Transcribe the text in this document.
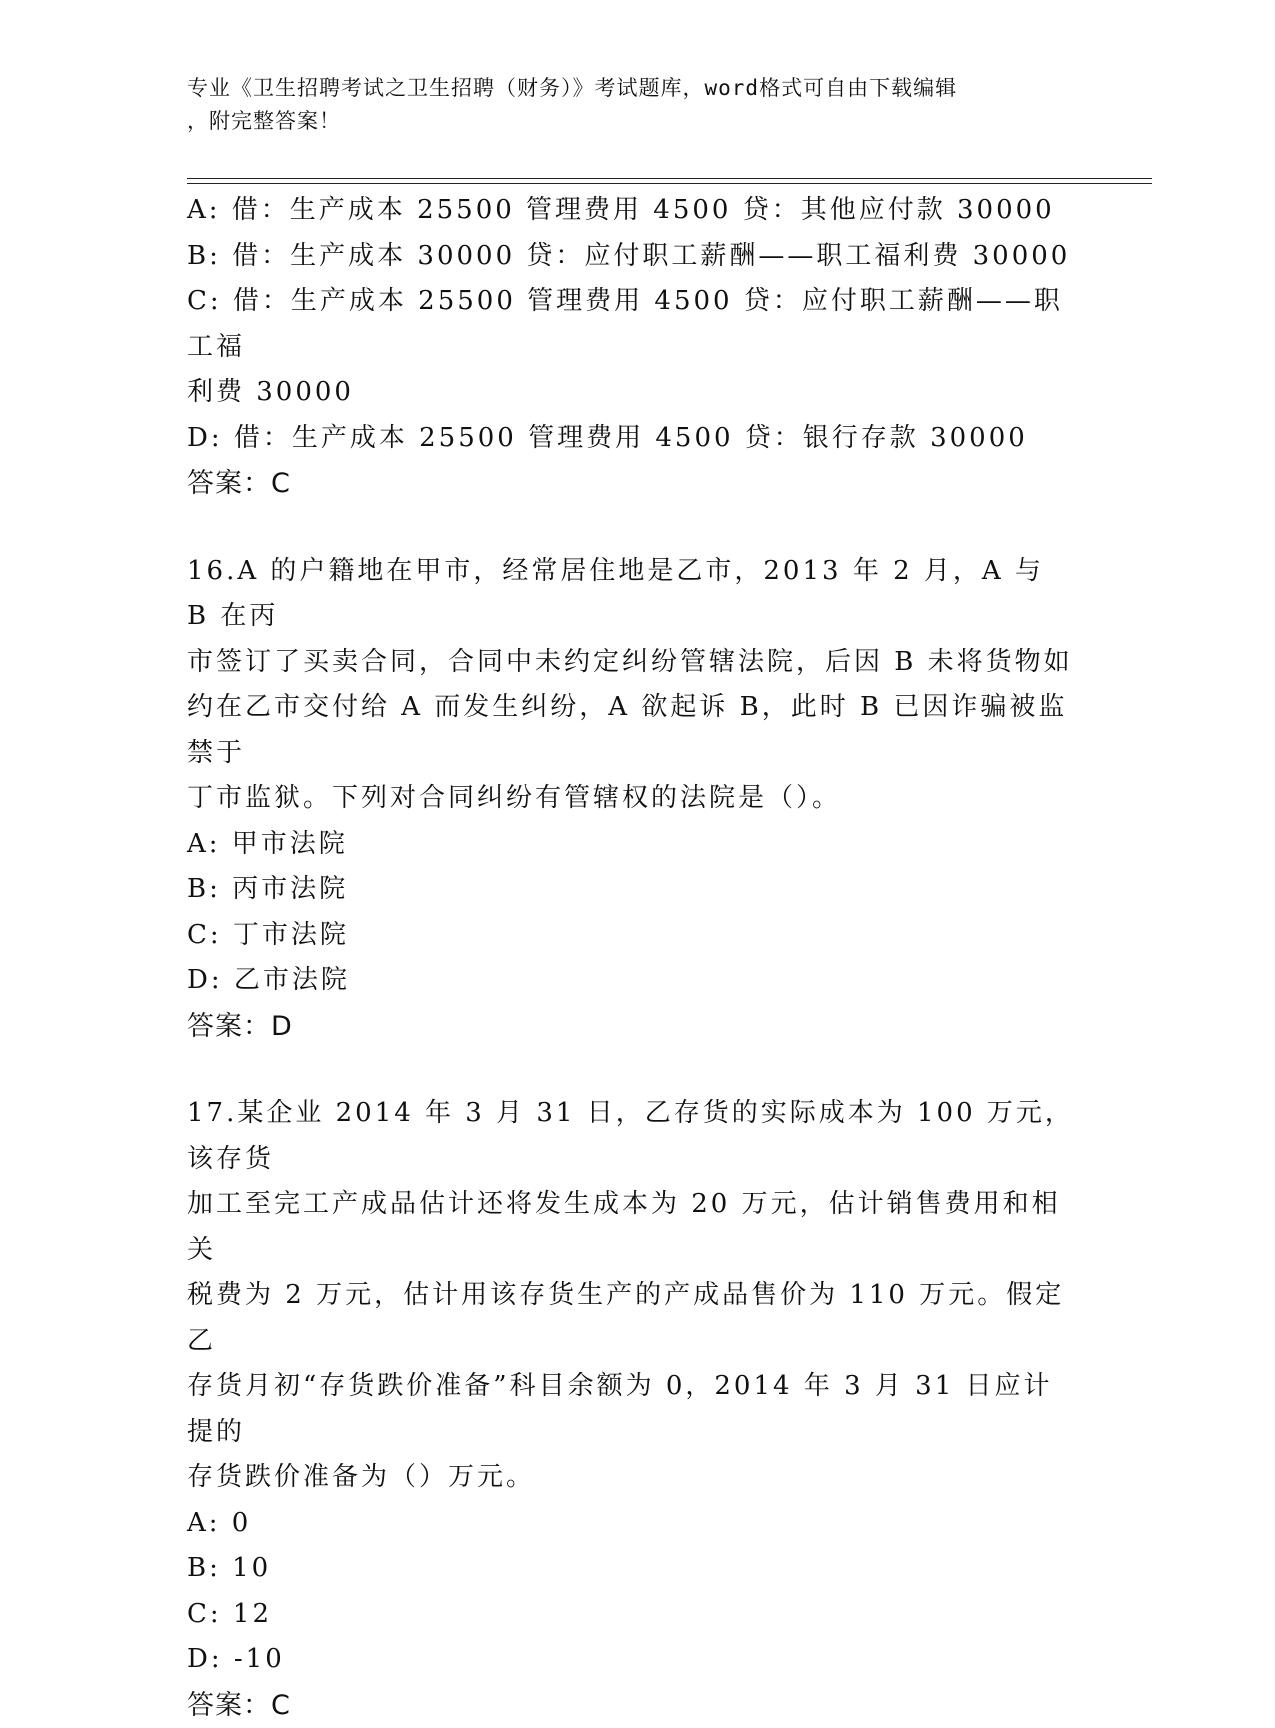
专业《卫生招聘考试之卫生招聘（财务）》考试题库，word格式可自由下载编辑
，附完整答案！
A: 借：生产成本 25500 管理费用 4500 贷：其他应付款 30000
B: 借：生产成本 30000 贷：应付职工薪酬——职工福利费 30000
C: 借：生产成本 25500 管理费用 4500 贷：应付职工薪酬——职工福
利费 30000
D: 借：生产成本 25500 管理费用 4500 贷：银行存款 30000
答案：C
16.A 的户籍地在甲市，经常居住地是乙市，2013 年 2 月，A 与 B 在丙
市签订了买卖合同，合同中未约定纠纷管辖法院，后因 B 未将货物如
约在乙市交付给 A 而发生纠纷，A 欲起诉 B，此时 B 已因诈骗被监禁于
丁市监狱。下列对合同纠纷有管辖权的法院是（）。
A: 甲市法院
B: 丙市法院
C: 丁市法院
D: 乙市法院
答案：D
17.某企业 2014 年 3 月 31 日，乙存货的实际成本为 100 万元，该存货
加工至完工产成品估计还将发生成本为 20 万元，估计销售费用和相关
税费为 2 万元，估计用该存货生产的产成品售价为 110 万元。假定乙
存货月初“存货跌价准备”科目余额为 0，2014 年 3 月 31 日应计提的
存货跌价准备为（）万元。
A: 0
B: 10
C: 12
D: -10
答案：C
